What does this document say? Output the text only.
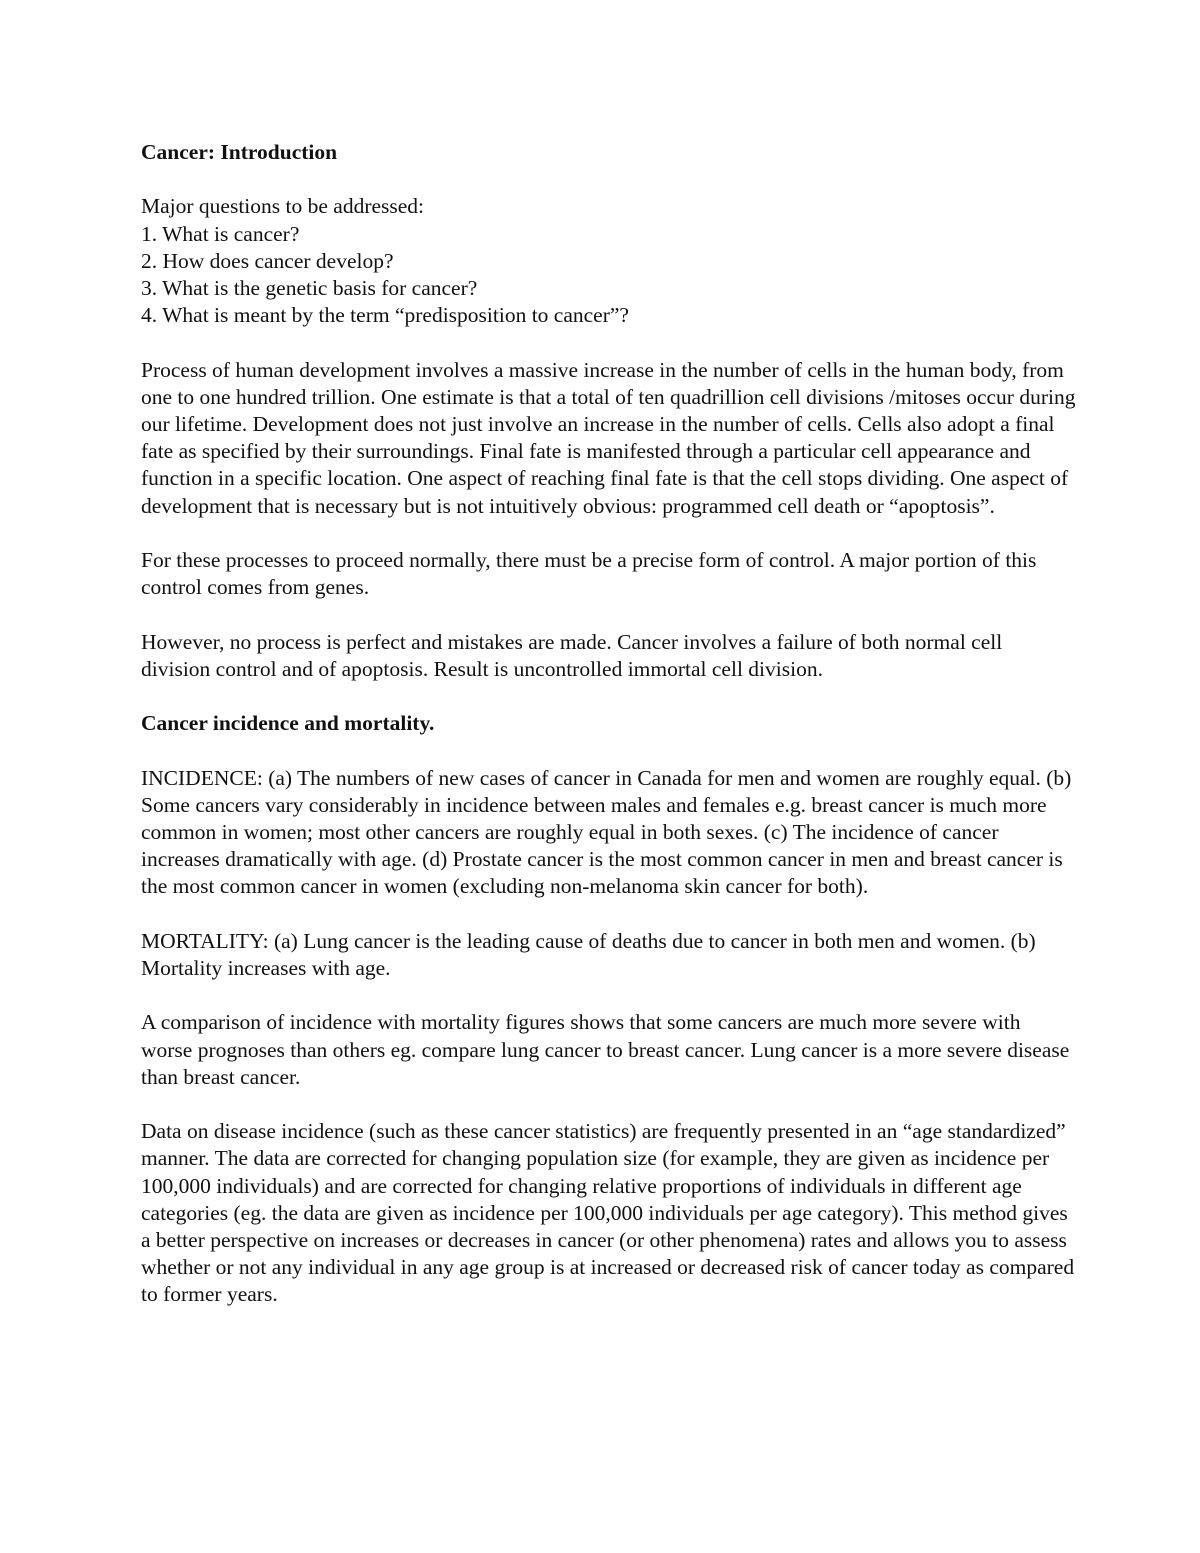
Cancer: Introduction

Major questions to be addressed:

1. What is cancer?
2. How does cancer develop?
3. What is the genetic basis for cancer?
4. What is meant by the term “predisposition to cancer”?

Process of human development involves a massive increase in the number of cells in the human body, from one to one hundred trillion. One estimate is that a total of ten quadrillion cell divisions /mitoses occur during our lifetime. Development does not just involve an increase in the number of cells. Cells also adopt a final fate as specified by their surroundings. Final fate is manifested through a particular cell appearance and function in a specific location. One aspect of reaching final fate is that the cell stops dividing. One aspect of development that is necessary but is not intuitively obvious: programmed cell death or “apoptosis”.

For these processes to proceed normally, there must be a precise form of control. A major portion of this control comes from genes.

However, no process is perfect and mistakes are made. Cancer involves a failure of both normal cell division control and of apoptosis. Result is uncontrolled immortal cell division.

Cancer incidence and mortality.

INCIDENCE: (a) The numbers of new cases of cancer in Canada for men and women are roughly equal. (b) Some cancers vary considerably in incidence between males and females e.g. breast cancer is much more common in women; most other cancers are roughly equal in both sexes. (c) The incidence of cancer increases dramatically with age. (d) Prostate cancer is the most common cancer in men and breast cancer is the most common cancer in women (excluding non-melanoma skin cancer for both).

MORTALITY: (a) Lung cancer is the leading cause of deaths due to cancer in both men and women. (b) Mortality increases with age.

A comparison of incidence with mortality figures shows that some cancers are much more severe with worse prognoses than others eg. compare lung cancer to breast cancer. Lung cancer is a more severe disease than breast cancer.

Data on disease incidence (such as these cancer statistics) are frequently presented in an “age standardized” manner. The data are corrected for changing population size (for example, they are given as incidence per 100,000 individuals) and are corrected for changing relative proportions of individuals in different age categories (eg. the data are given as incidence per 100,000 individuals per age category). This method gives a better perspective on increases or decreases in cancer (or other phenomena) rates and allows you to assess whether or not any individual in any age group is at increased or decreased risk of cancer today as compared to former years.
